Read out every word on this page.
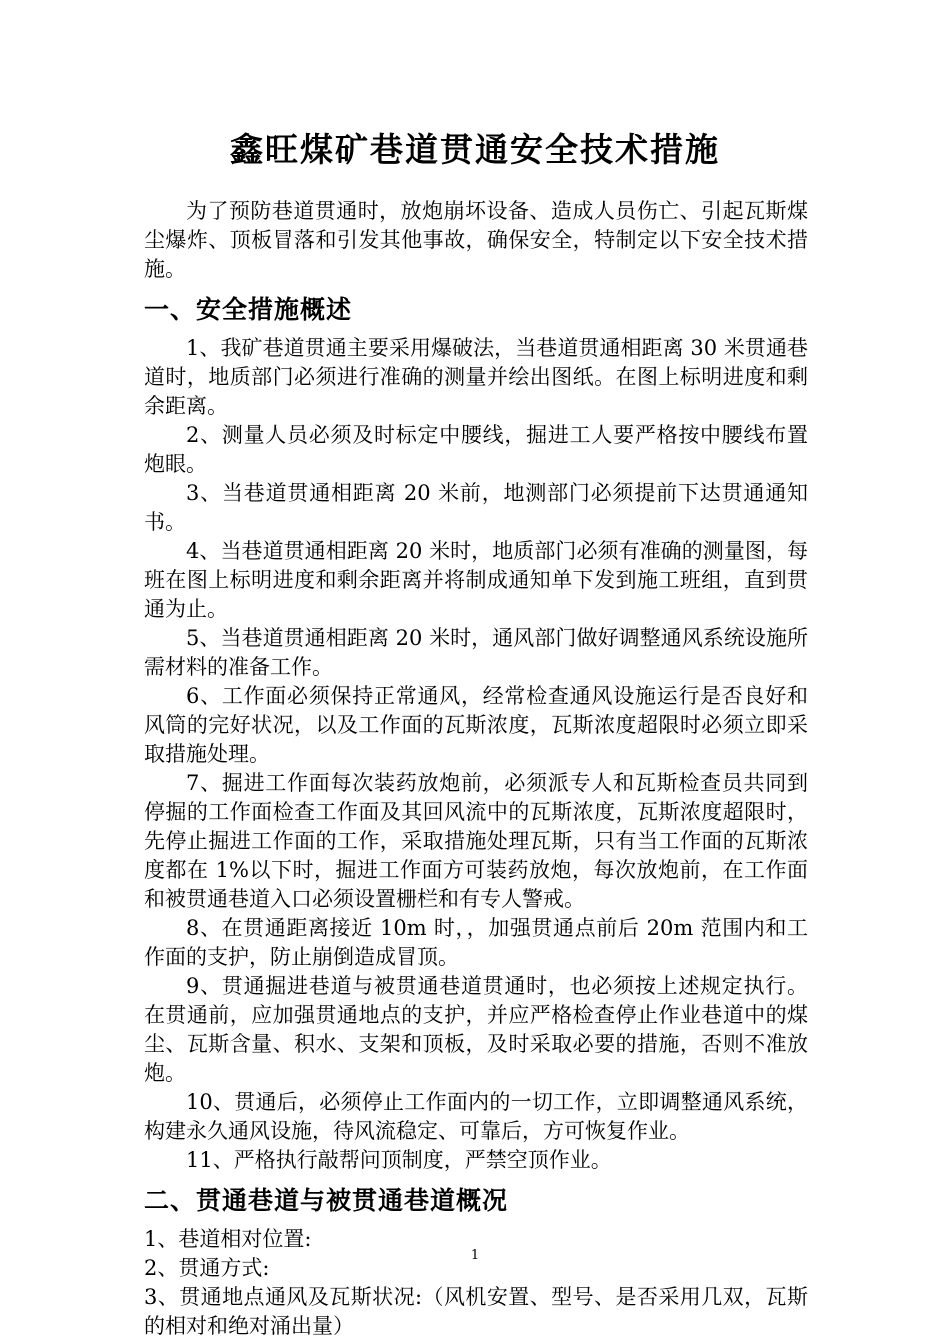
鑫旺煤矿巷道贯通安全技术措施

为了预防巷道贯通时，放炮崩坏设备、造成人员伤亡、引起瓦斯煤尘爆炸、顶板冒落和引发其他事故，确保安全，特制定以下安全技术措施。

一、安全措施概述

1、我矿巷道贯通主要采用爆破法，当巷道贯通相距离 30 米贯通巷道时，地质部门必须进行准确的测量并绘出图纸。在图上标明进度和剩余距离。

2、测量人员必须及时标定中腰线，掘进工人要严格按中腰线布置炮眼。

3、当巷道贯通相距离 20 米前，地测部门必须提前下达贯通通知书。

4、当巷道贯通相距离 20 米时，地质部门必须有准确的测量图，每班在图上标明进度和剩余距离并将制成通知单下发到施工班组，直到贯通为止。

5、当巷道贯通相距离 20 米时，通风部门做好调整通风系统设施所需材料的准备工作。

6、工作面必须保持正常通风，经常检查通风设施运行是否良好和风筒的完好状况，以及工作面的瓦斯浓度，瓦斯浓度超限时必须立即采取措施处理。

7、掘进工作面每次装药放炮前，必须派专人和瓦斯检查员共同到停掘的工作面检查工作面及其回风流中的瓦斯浓度，瓦斯浓度超限时，先停止掘进工作面的工作，采取措施处理瓦斯，只有当工作面的瓦斯浓度都在 1%以下时，掘进工作面方可装药放炮，每次放炮前，在工作面和被贯通巷道入口必须设置栅栏和有专人警戒。

8、在贯通距离接近 10m 时，，加强贯通点前后 20m 范围内和工作面的支护，防止崩倒造成冒顶。

9、贯通掘进巷道与被贯通巷道贯通时，也必须按上述规定执行。在贯通前，应加强贯通地点的支护，并应严格检查停止作业巷道中的煤尘、瓦斯含量、积水、支架和顶板，及时采取必要的措施，否则不准放炮。

10、贯通后，必须停止工作面内的一切工作，立即调整通风系统，构建永久通风设施，待风流稳定、可靠后，方可恢复作业。

11、严格执行敲帮问顶制度，严禁空顶作业。

二、贯通巷道与被贯通巷道概况

1、巷道相对位置:

2、贯通方式:

3、贯通地点通风及瓦斯状况:（风机安置、型号、是否采用几双，瓦斯的相对和绝对涌出量）

1
